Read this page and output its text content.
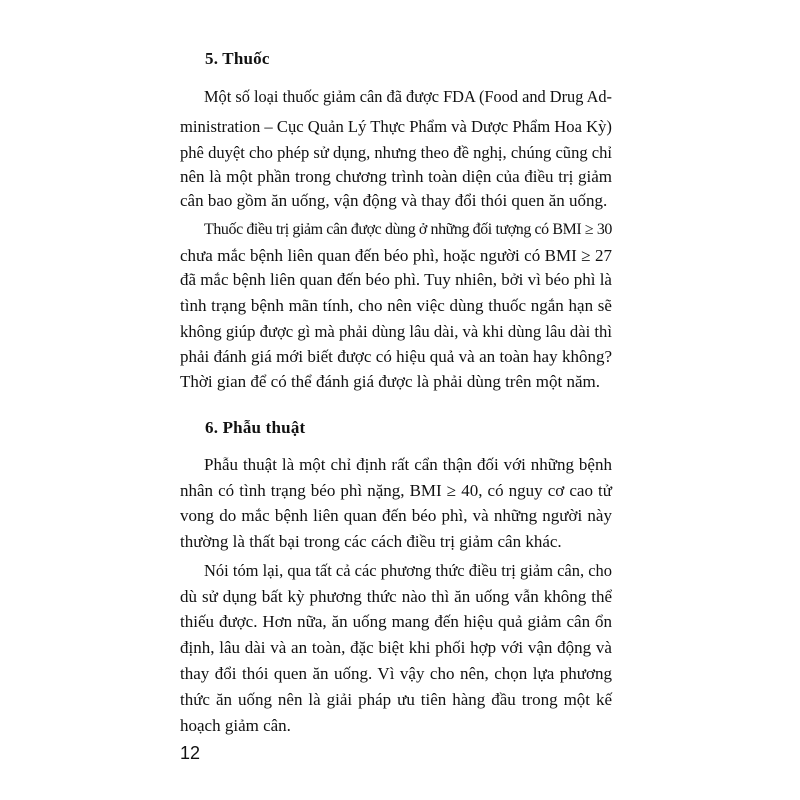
5. Thuốc

Một số loại thuốc giảm cân đã được FDA (Food and Drug Ad-

ministration – Cục Quản Lý Thực Phẩm và Dược Phẩm Hoa Kỳ)

phê duyệt cho phép sử dụng, nhưng theo đề nghị, chúng cũng chỉ

nên là một phần trong chương trình toàn diện của điều trị giảm

cân bao gồm ăn uống, vận động và thay đổi thói quen ăn uống.

Thuốc điều trị giảm cân được dùng ở những đối tượng có BMI ≥ 30

chưa mắc bệnh liên quan đến béo phì, hoặc người có BMI ≥ 27

đã mắc bệnh liên quan đến béo phì. Tuy nhiên, bởi vì béo phì là

tình trạng bệnh mãn tính, cho nên việc dùng thuốc ngắn hạn sẽ

không giúp được gì mà phải dùng lâu dài, và khi dùng lâu dài thì

phải đánh giá mới biết được có hiệu quả và an toàn hay không?

Thời gian để có thể đánh giá được là phải dùng trên một năm.

6. Phẫu thuật

Phẫu thuật là một chỉ định rất cẩn thận đối với những bệnh

nhân có tình trạng béo phì nặng, BMI ≥ 40, có nguy cơ cao tử

vong do mắc bệnh liên quan đến béo phì, và những người này

thường là thất bại trong các cách điều trị giảm cân khác.

Nói tóm lại, qua tất cả các phương thức điều trị giảm cân, cho

dù sử dụng bất kỳ phương thức nào thì ăn uống vẫn không thể

thiếu được. Hơn nữa, ăn uống mang đến hiệu quả giảm cân ổn

định, lâu dài và an toàn, đặc biệt khi phối hợp với vận động và

thay đổi thói quen ăn uống. Vì vậy cho nên, chọn lựa phương

thức ăn uống nên là giải pháp ưu tiên hàng đầu trong một kế

hoạch giảm cân.

12
